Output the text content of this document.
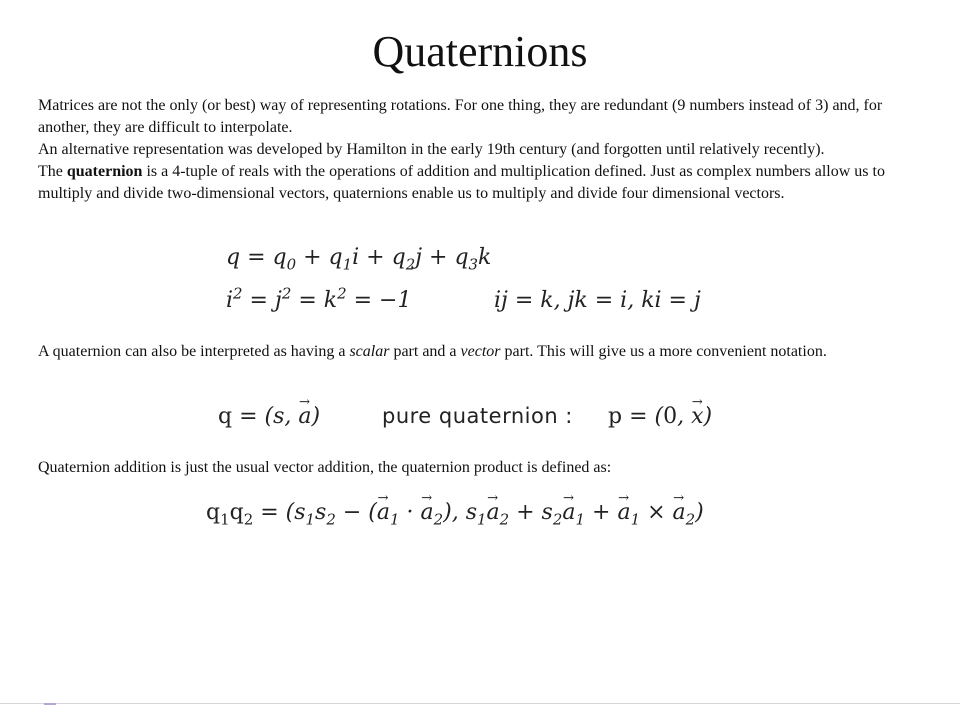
Quaternions

Matrices are not the only (or best) way of representing rotations. For one thing, they are redundant (9 numbers instead of 3) and, for another, they are difficult to interpolate.

An alternative representation was developed by Hamilton in the early 19th century (and forgotten until relatively recently).

The quaternion is a 4-tuple of reals with the operations of addition and multiplication defined. Just as complex numbers allow us to multiply and divide two-dimensional vectors, quaternions enable us to multiply and divide four dimensional vectors.

$q = q_0 + q_1i + q_2j + q_3k$
$i^2 = j^2 = k^2 = -1$	ij = k, jk = i, ki = j

A quaternion can also be interpreted as having a scalar part and a vector part. This will give us a more convenient notation.

q = (s, → a)	pure quaternion : p = (0, → x)
Quaternion addition is just the usual vector addition, the quaternion product is defined as:
$q_1q_2 = (s_1s_2$ − (→ $a_1$ · → $a_2$), $s_1\to a_2 + s_2\to a_1$ + → $a_1$ × → $a_2$)
